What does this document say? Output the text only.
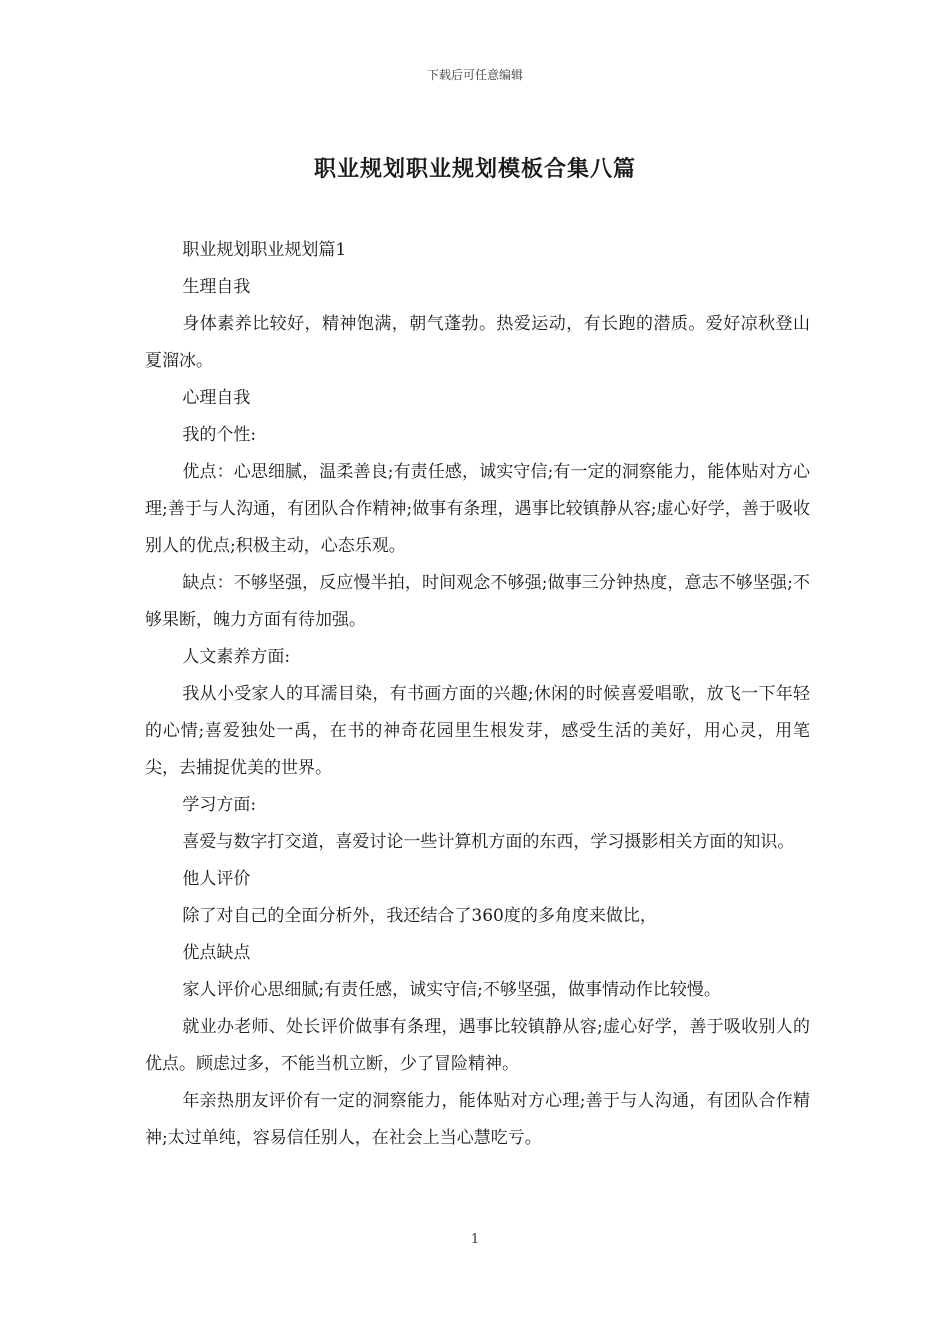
下载后可任意编辑
职业规划职业规划模板合集八篇

职业规划职业规划篇1

生理自我

身体素养比较好，精神饱满，朝气蓬勃。热爱运动，有长跑的潜质。爱好凉秋登山夏溜冰。

心理自我

我的个性:

优点：心思细腻，温柔善良;有责任感，诚实守信;有一定的洞察能力，能体贴对方心理;善于与人沟通，有团队合作精神;做事有条理，遇事比较镇静从容;虚心好学，善于吸收别人的优点;积极主动，心态乐观。

缺点：不够坚强，反应慢半拍，时间观念不够强;做事三分钟热度，意志不够坚强;不够果断，魄力方面有待加强。

人文素养方面:

我从小受家人的耳濡目染，有书画方面的兴趣;休闲的时候喜爱唱歌，放飞一下年轻的心情;喜爱独处一禹，在书的神奇花园里生根发芽，感受生活的美好，用心灵，用笔尖，去捕捉优美的世界。

学习方面:

喜爱与数字打交道，喜爱讨论一些计算机方面的东西，学习摄影相关方面的知识。

他人评价

除了对自己的全面分析外，我还结合了360度的多角度来做比，

优点缺点

家人评价心思细腻;有责任感，诚实守信;不够坚强，做事情动作比较慢。

就业办老师、处长评价做事有条理，遇事比较镇静从容;虚心好学，善于吸收别人的优点。顾虑过多，不能当机立断，少了冒险精神。

年亲热朋友评价有一定的洞察能力，能体贴对方心理;善于与人沟通，有团队合作精神;太过单纯，容易信任别人，在社会上当心慧吃亏。

1
